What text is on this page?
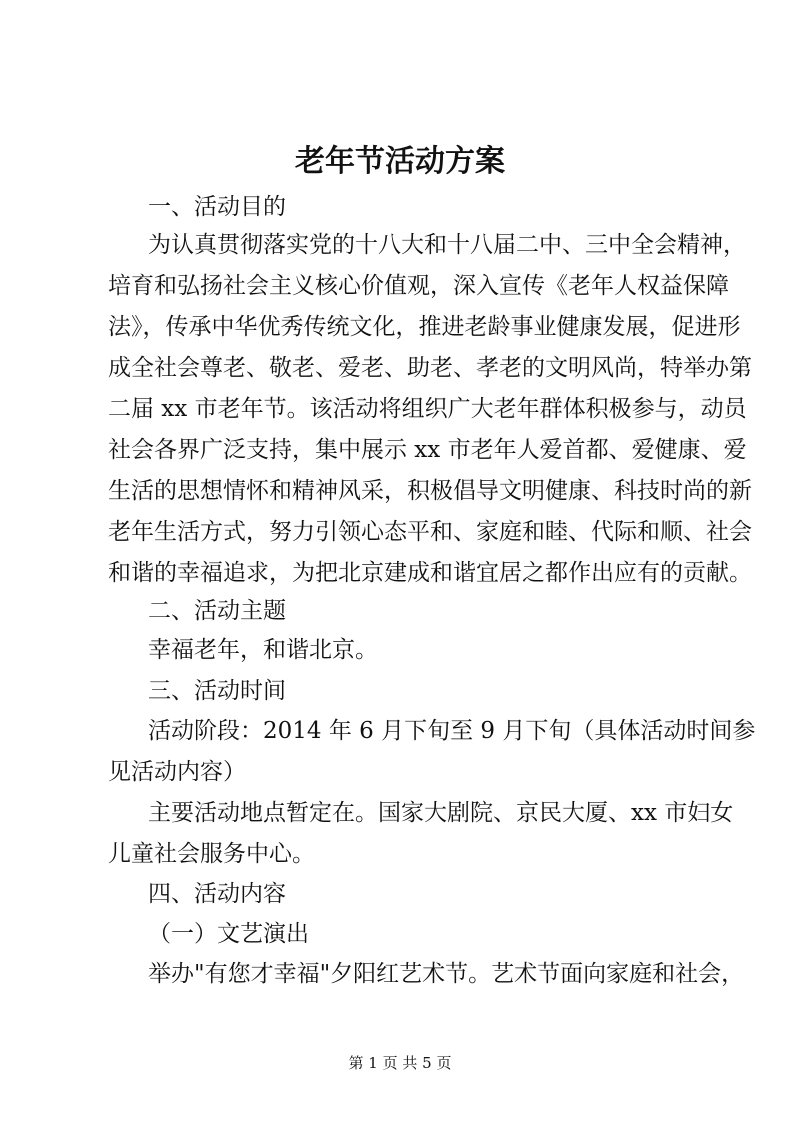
老年节活动方案
一、活动目的
为认真贯彻落实党的十八大和十八届二中、三中全会精神，
培育和弘扬社会主义核心价值观，深入宣传《老年人权益保障
法》，传承中华优秀传统文化，推进老龄事业健康发展，促进形
成全社会尊老、敬老、爱老、助老、孝老的文明风尚，特举办第
二届 xx 市老年节。该活动将组织广大老年群体积极参与，动员
社会各界广泛支持，集中展示 xx 市老年人爱首都、爱健康、爱
生活的思想情怀和精神风采，积极倡导文明健康、科技时尚的新
老年生活方式，努力引领心态平和、家庭和睦、代际和顺、社会
和谐的幸福追求，为把北京建成和谐宜居之都作出应有的贡献。
二、活动主题
幸福老年，和谐北京。
三、活动时间
活动阶段：2014 年 6 月下旬至 9 月下旬（具体活动时间参
见活动内容）
主要活动地点暂定在。国家大剧院、京民大厦、xx 市妇女
儿童社会服务中心。
四、活动内容
（一）文艺演出
举办"有您才幸福"夕阳红艺术节。艺术节面向家庭和社会，
第 1 页 共 5 页
